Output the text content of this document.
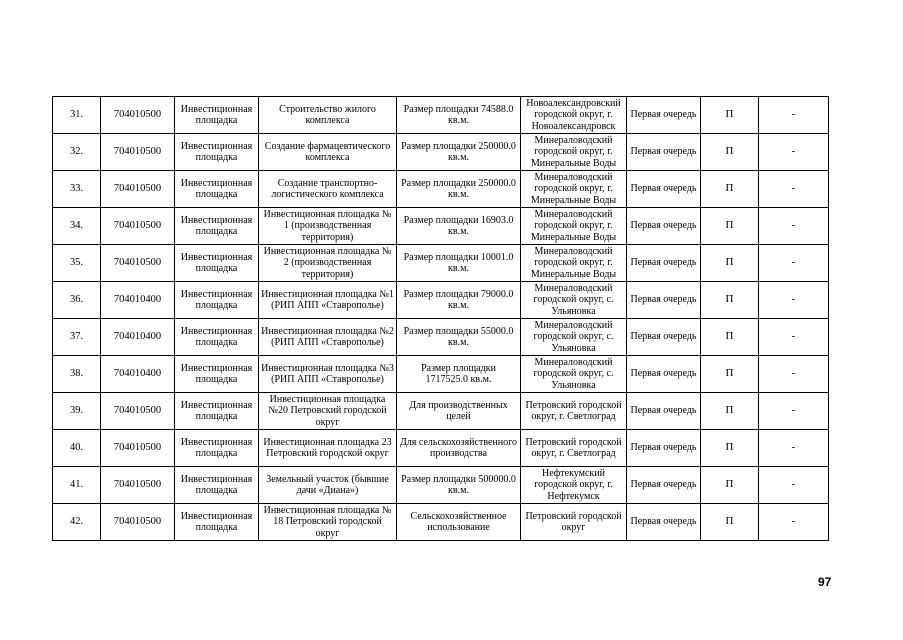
31.	704010500	Инвестиционная площадка	Строительство жилого комплекса	Размер площадки 74588.0 кв.м.	Новоалександровский городской округ, г. Новоалександровск	Первая очередь	П	-
32.	704010500	Инвестиционная площадка	Создание фармацевтического комплекса	Размер площадки 250000.0 кв.м.	Минераловодский городской округ, г. Минеральные Воды	Первая очередь	П	-
33.	704010500	Инвестиционная площадка	Создание транспортно-логистического комплекса	Размер площадки 250000.0 кв.м.	Минераловодский городской округ, г. Минеральные Воды	Первая очередь	П	-
34.	704010500	Инвестиционная площадка	Инвестиционная площадка № 1 (производственная территория)	Размер площадки 16903.0 кв.м.	Минераловодский городской округ, г. Минеральные Воды	Первая очередь	П	-
35.	704010500	Инвестиционная площадка	Инвестиционная площадка № 2 (производственная территория)	Размер площадки 10001.0 кв.м.	Минераловодский городской округ, г. Минеральные Воды	Первая очередь	П	-
36.	704010400	Инвестиционная площадка	Инвестиционная площадка №1 (РИП АПП «Ставрополье)	Размер площадки 79000.0 кв.м.	Минераловодский городской округ, с. Ульяновка	Первая очередь	П	-
37.	704010400	Инвестиционная площадка	Инвестиционная площадка №2 (РИП АПП «Ставрополье)	Размер площадки 55000.0 кв.м.	Минераловодский городской округ, с. Ульяновка	Первая очередь	П	-
38.	704010400	Инвестиционная площадка	Инвестиционная площадка №3 (РИП АПП «Ставрополье)	Размер площадки 1717525.0 кв.м.	Минераловодский городской округ, с. Ульяновка	Первая очередь	П	-
39.	704010500	Инвестиционная площадка	Инвестиционная площадка №20 Петровский городской округ	Для производственных целей	Петровский городской округ, г. Светлоград	Первая очередь	П	-
40.	704010500	Инвестиционная площадка	Инвестиционная площадка 23 Петровский городской округ	Для сельскохозяйственного производства	Петровский городской округ, г. Светлоград	Первая очередь	П	-
41.	704010500	Инвестиционная площадка	Земельный участок (бывшие дачи «Диана»)	Размер площадки 500000.0 кв.м.	Нефтекумский городской округ, г. Нефтекумск	Первая очередь	П	-
42.	704010500	Инвестиционная площадка	Инвестиционная площадка № 18 Петровский городской округ	Сельскохозяйственное использование	Петровский городской округ	Первая очередь	П	-
97
